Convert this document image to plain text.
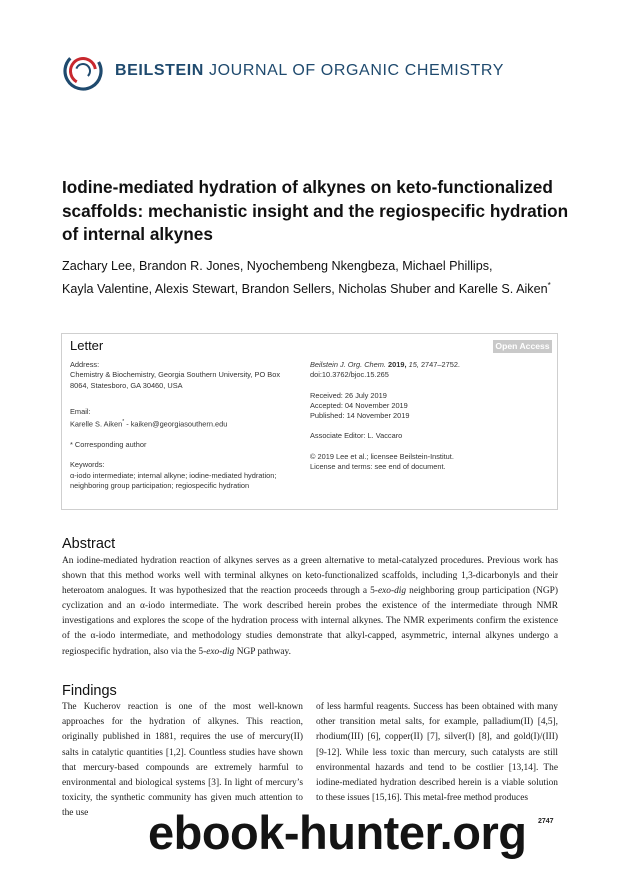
BEILSTEIN JOURNAL OF ORGANIC CHEMISTRY
Iodine-mediated hydration of alkynes on keto-functionalized scaffolds: mechanistic insight and the regiospecific hydration of internal alkynes
Zachary Lee, Brandon R. Jones, Nyochembeng Nkengbeza, Michael Phillips,
Kayla Valentine, Alexis Stewart, Brandon Sellers, Nicholas Shuber and Karelle S. Aiken*
Letter	Open Access
Address:
Chemistry & Biochemistry, Georgia Southern University, PO Box 8064, Statesboro, GA 30460, USA
Email:
Karelle S. Aiken* - kaiken@georgiasouthern.edu
* Corresponding author
Keywords:
α-iodo intermediate; internal alkyne; iodine-mediated hydration; neighboring group participation; regiospecific hydration
Beilstein J. Org. Chem. 2019, 15, 2747–2752.
doi:10.3762/bjoc.15.265
Received: 26 July 2019
Accepted: 04 November 2019
Published: 14 November 2019
Associate Editor: L. Vaccaro
© 2019 Lee et al.; licensee Beilstein-Institut.
License and terms: see end of document.
Abstract
An iodine-mediated hydration reaction of alkynes serves as a green alternative to metal-catalyzed procedures. Previous work has shown that this method works well with terminal alkynes on keto-functionalized scaffolds, including 1,3-dicarbonyls and their heteroatom analogues. It was hypothesized that the reaction proceeds through a 5-exo-dig neighboring group participation (NGP) cyclization and an α-iodo intermediate. The work described herein probes the existence of the intermediate through NMR investigations and explores the scope of the hydration process with internal alkynes. The NMR experiments confirm the existence of the α-iodo intermediate, and methodology studies demonstrate that alkyl-capped, asymmetric, internal alkynes undergo a regiospecific hydration, also via the 5-exo-dig NGP pathway.
Findings

The Kucherov reaction is one of the most well-known approaches for the hydration of alkynes. This reaction, originally published in 1881, requires the use of mercury(II) salts in catalytic quantities [1,2]. Countless studies have shown that mercury-based compounds are extremely harmful to environmental and biological systems [3]. In light of mercury’s toxicity, the synthetic community has given much attention to the use

of less harmful reagents. Success has been obtained with many other transition metal salts, for example, palladium(II) [4,5], rhodium(III) [6], copper(II) [7], silver(I) [8], and gold(I)/(III) [9-12]. While less toxic than mercury, such catalysts are still environmental hazards and tend to be costlier [13,14]. The iodine-mediated hydration described herein is a viable solution to these issues [15,16]. This metal-free method produces

ebook-hunter.org 2747
